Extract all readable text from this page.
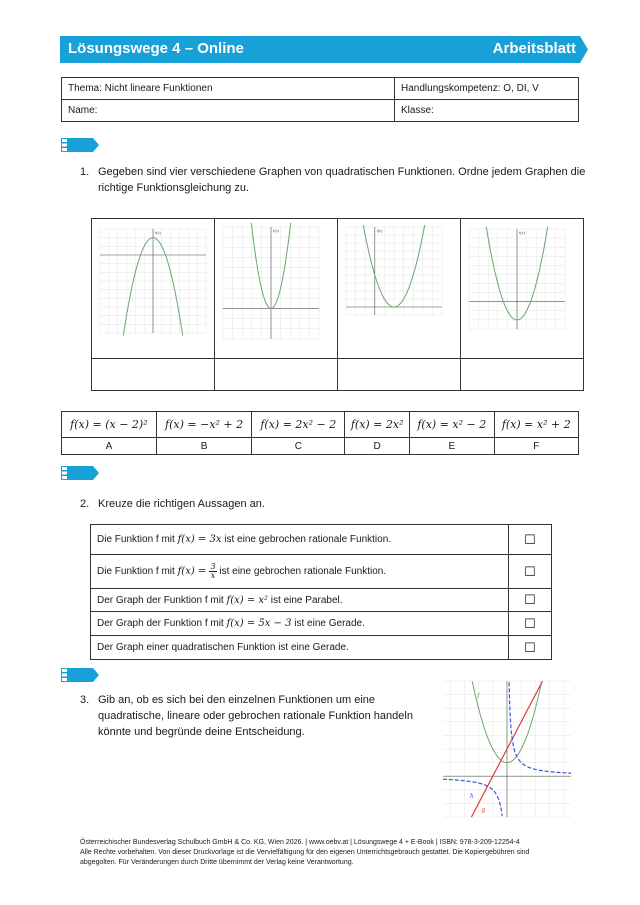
Lösungswege 4 – Online	Arbeitsblatt
Thema: Nicht lineare Funktionen	Handlungskompetenz: O, DI, V
Name:	Klasse:
1. Gegeben sind vier verschiedene Graphen von quadratischen Funktionen. Ordne jedem Graphen die
richtige Funktionsgleichung zu.
f(x)	f(x)	f(x)	f(x)

f(x) = (x − 2)²	f(x) = −x² + 2	f(x) = 2x² − 2	f(x) = 2x²	f(x) = x² − 2	f(x) = x² + 2
A	B	C	D	E	F
2. Kreuze die richtigen Aussagen an.
Die Funktion f mit f(x) = 3x ist eine gebrochen rationale Funktion.	☐
Die Funktion f mit $f(x) = \frac{3}{x}$ ist eine gebrochen rationale Funktion.	☐
Der Graph der Funktion f mit f(x) = x² ist eine Parabel.	☐
Der Graph der Funktion f mit f(x) = 5x − 3 ist eine Gerade.	☐
Der Graph einer quadratischen Funktion ist eine Gerade.	☐
3. Gib an, ob es sich bei den einzelnen Funktionen um eine
quadratische, lineare oder gebrochen rationale Funktion handeln
könnte und begründe deine Entscheidung.
f
g
h
Österreichischer Bundesverlag Schulbuch GmbH & Co. KG, Wien 2026. | www.oebv.at | Lösungswege 4 + E-Book | ISBN: 978-3-209-12254-4
Alle Rechte vorbehalten. Von dieser Druckvorlage ist die Vervielfältigung für den eigenen Unterrichtsgebrauch gestattet. Die Kopiergebühren sind
abgegolten. Für Veränderungen durch Dritte übernimmt der Verlag keine Verantwortung.
